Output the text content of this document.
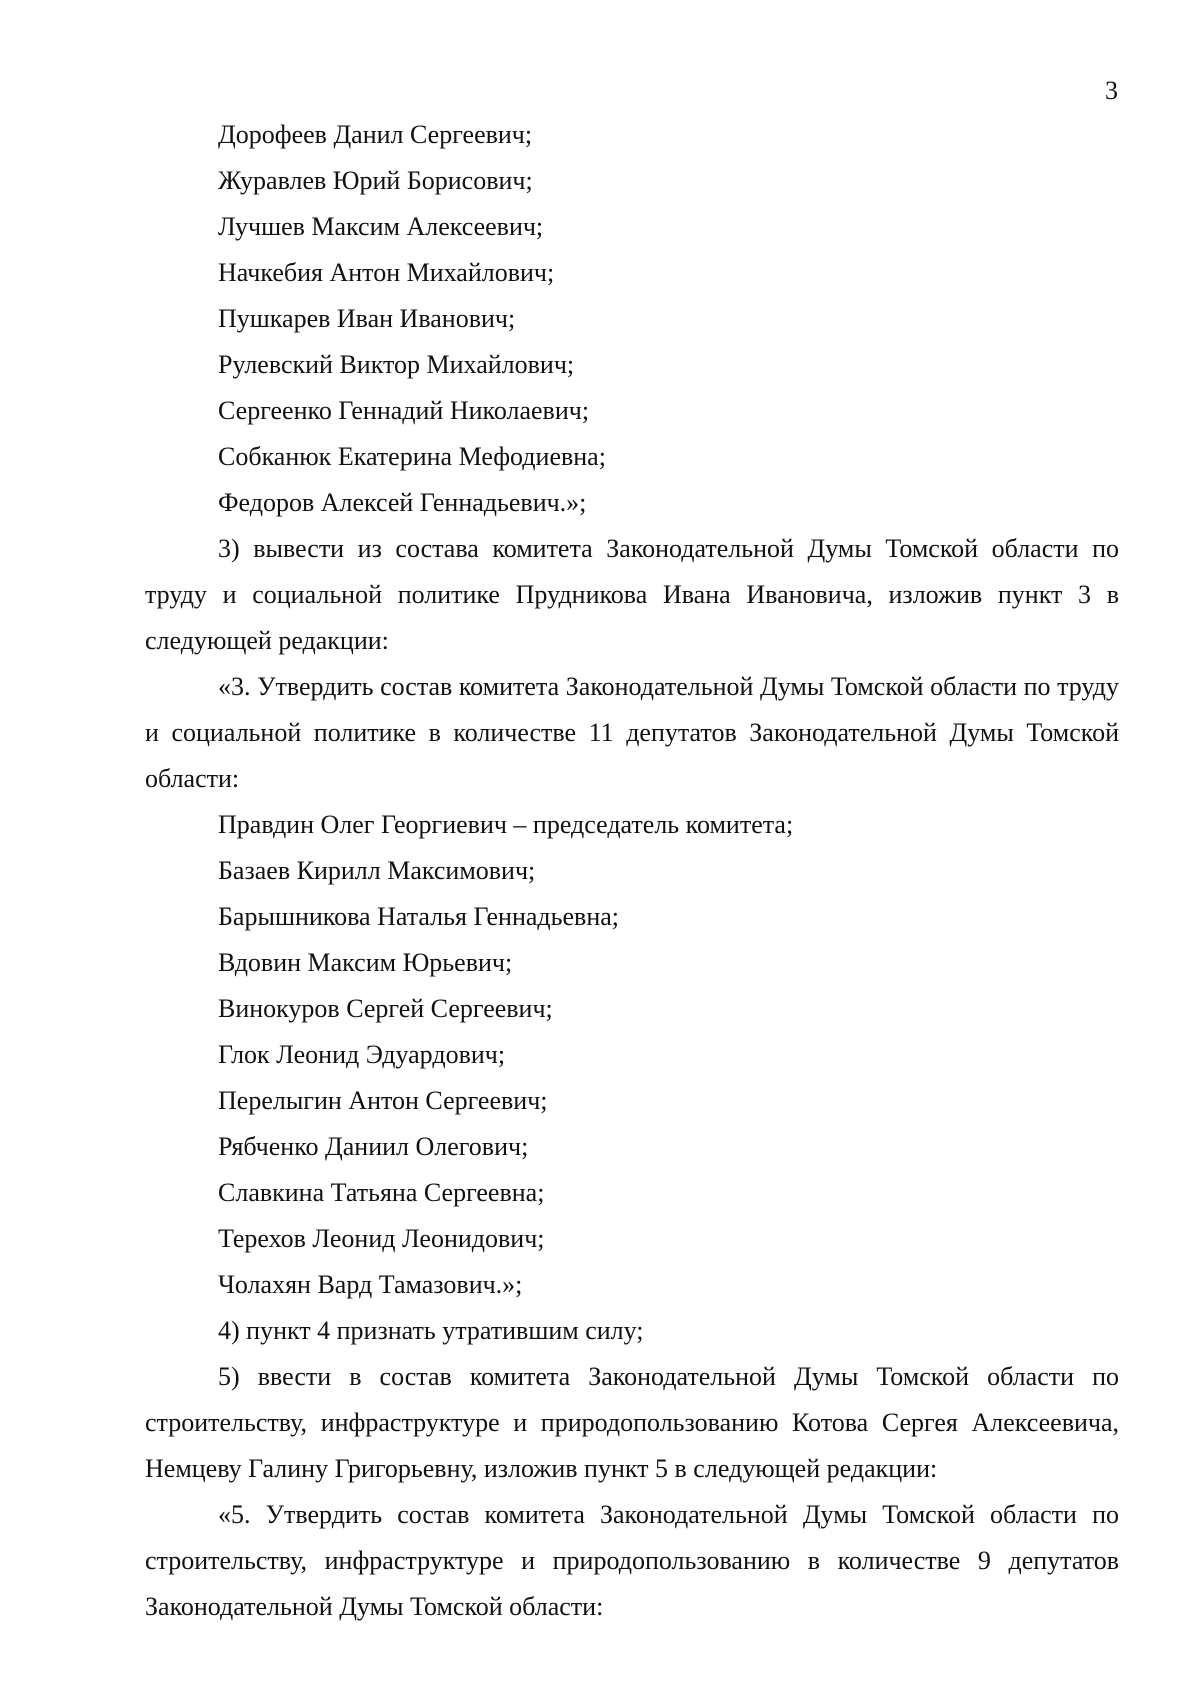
3
Дорофеев Данил Сергеевич;
Журавлев Юрий Борисович;
Лучшев Максим Алексеевич;
Начкебия Антон Михайлович;
Пушкарев Иван Иванович;
Рулевский Виктор Михайлович;
Сергеенко Геннадий Николаевич;
Собканюк Екатерина Мефодиевна;
Федоров Алексей Геннадьевич.»;
3) вывести из состава комитета Законодательной Думы Томской области по труду и социальной политике Прудникова Ивана Ивановича, изложив пункт 3 в следующей редакции:
«3. Утвердить состав комитета Законодательной Думы Томской области по труду и социальной политике в количестве 11 депутатов Законодательной Думы Томской области:
Правдин Олег Георгиевич – председатель комитета;
Базаев Кирилл Максимович;
Барышникова Наталья Геннадьевна;
Вдовин Максим Юрьевич;
Винокуров Сергей Сергеевич;
Глок Леонид Эдуардович;
Перелыгин Антон Сергеевич;
Рябченко Даниил Олегович;
Славкина Татьяна Сергеевна;
Терехов Леонид Леонидович;
Чолахян Вард Тамазович.»;
4) пункт 4 признать утратившим силу;
5) ввести в состав комитета Законодательной Думы Томской области по строительству, инфраструктуре и природопользованию Котова Сергея Алексеевича, Немцеву Галину Григорьевну, изложив пункт 5 в следующей редакции:
«5. Утвердить состав комитета Законодательной Думы Томской области по строительству, инфраструктуре и природопользованию в количестве 9 депутатов Законодательной Думы Томской области:
